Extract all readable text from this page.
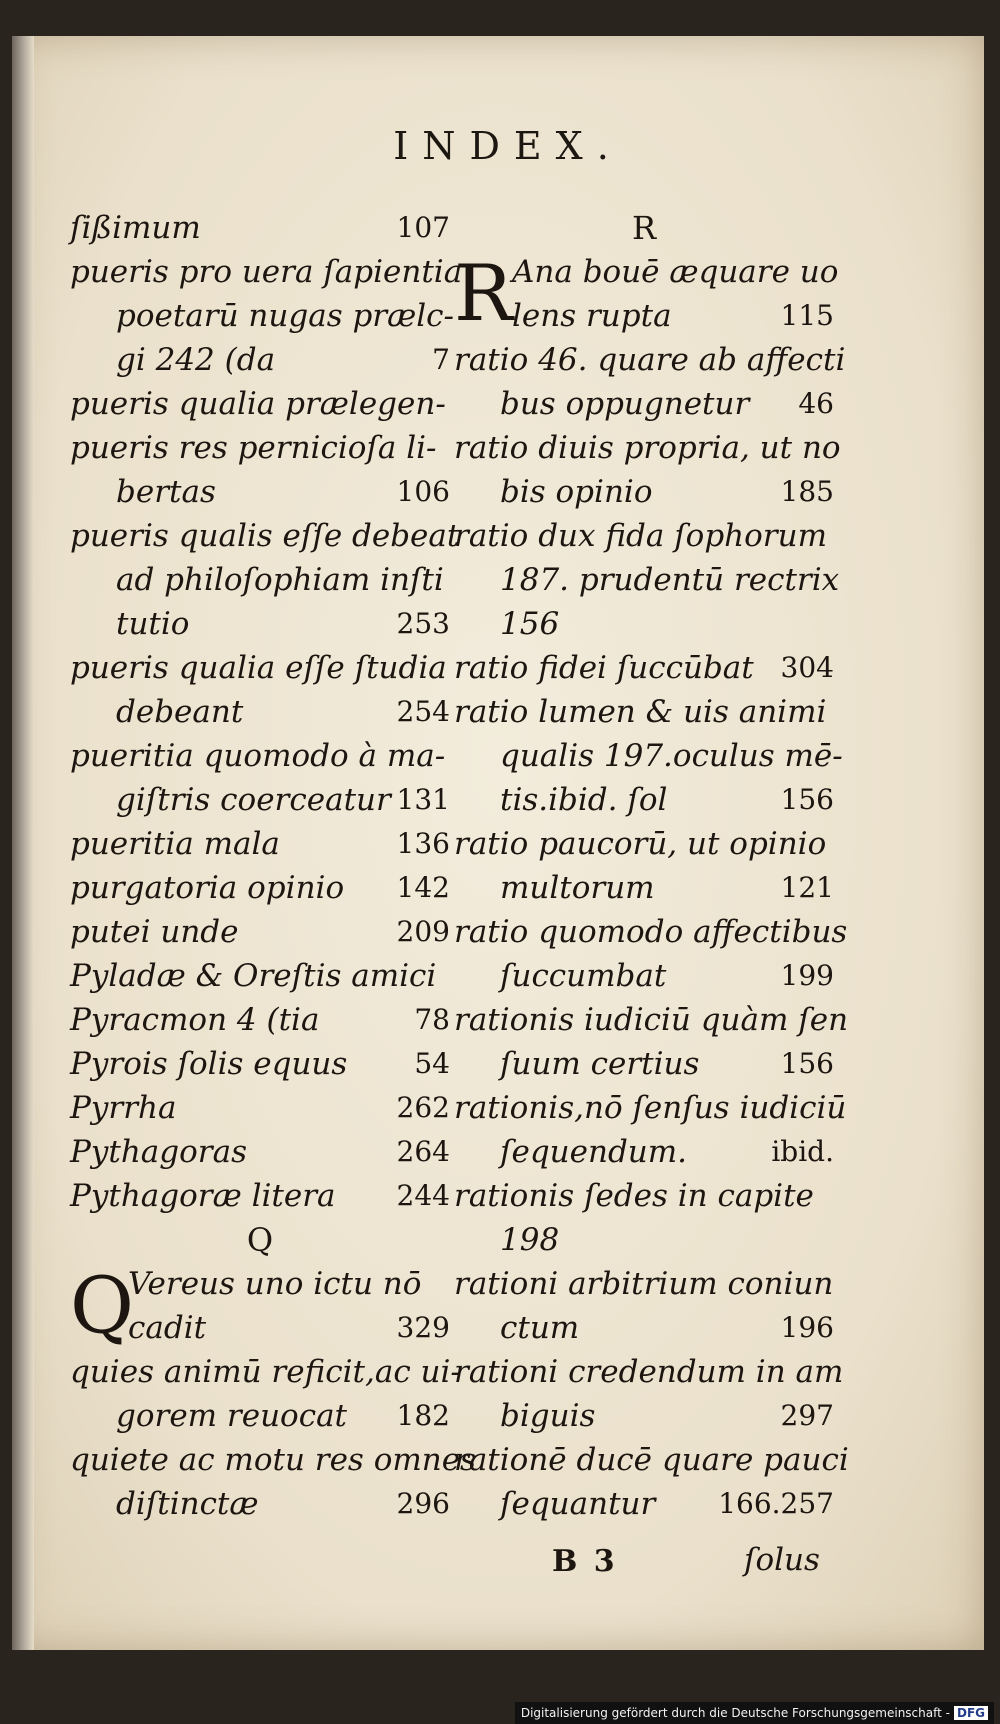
INDEX.
ſißimum	107
pueris pro uera ſapientia
poetarū nugas prælc-
gi 242 (da	7
pueris qualia prælegen-
pueris res pernicioſa li-
bertas	106
pueris qualis eſſe debeat
ad philoſophiam inſti
tutio	253
pueris qualia eſſe ſtudia
debeant	254
pueritia quomodo à ma-
giſtris coerceatur 131
pueritia mala	136
purgatoria opinio 142
putei unde	209
Pyladæ & Oreſtis amici
Pyracmon 4 (tia	78
Pyrois ſolis equus 54
Pyrrha	262
Pythagoras	264
Pythagoræ litera 244
Q
Q
Vereus uno ictu nō
cadit	329
quies animū reficit,ac ui-
gorem reuocat 182
quiete ac motu res omnes
diſtinctæ	296
R
R Ana bouē æquare uo
lens rupta	115
ratio 46. quare ab affecti
bus oppugnetur 46
ratio diuis propria, ut no
bis opinio	185
ratio dux fida ſophorum
187. prudentū rectrix
156
ratio fidei ſuccūbat 304
ratio lumen & uis animi
qualis 197.oculus mē-
tis.ibid. ſol	156
ratio paucorū, ut opinio
multorum	121
ratio quomodo affectibus
ſuccumbat	199
rationis iudiciū quàm ſen
ſuum certius	156
rationis,nō ſenſus iudiciū
ſequendum.	ibid.
rationis ſedes in capite
198
rationi arbitrium coniun
ctum	196
rationi credendum in am
biguis	297
rationē ducē quare pauci
ſequantur 166.257
B 3	ſolus
Digitalisierung gefördert durch die Deutsche Forschungsgemeinschaft - DFG
